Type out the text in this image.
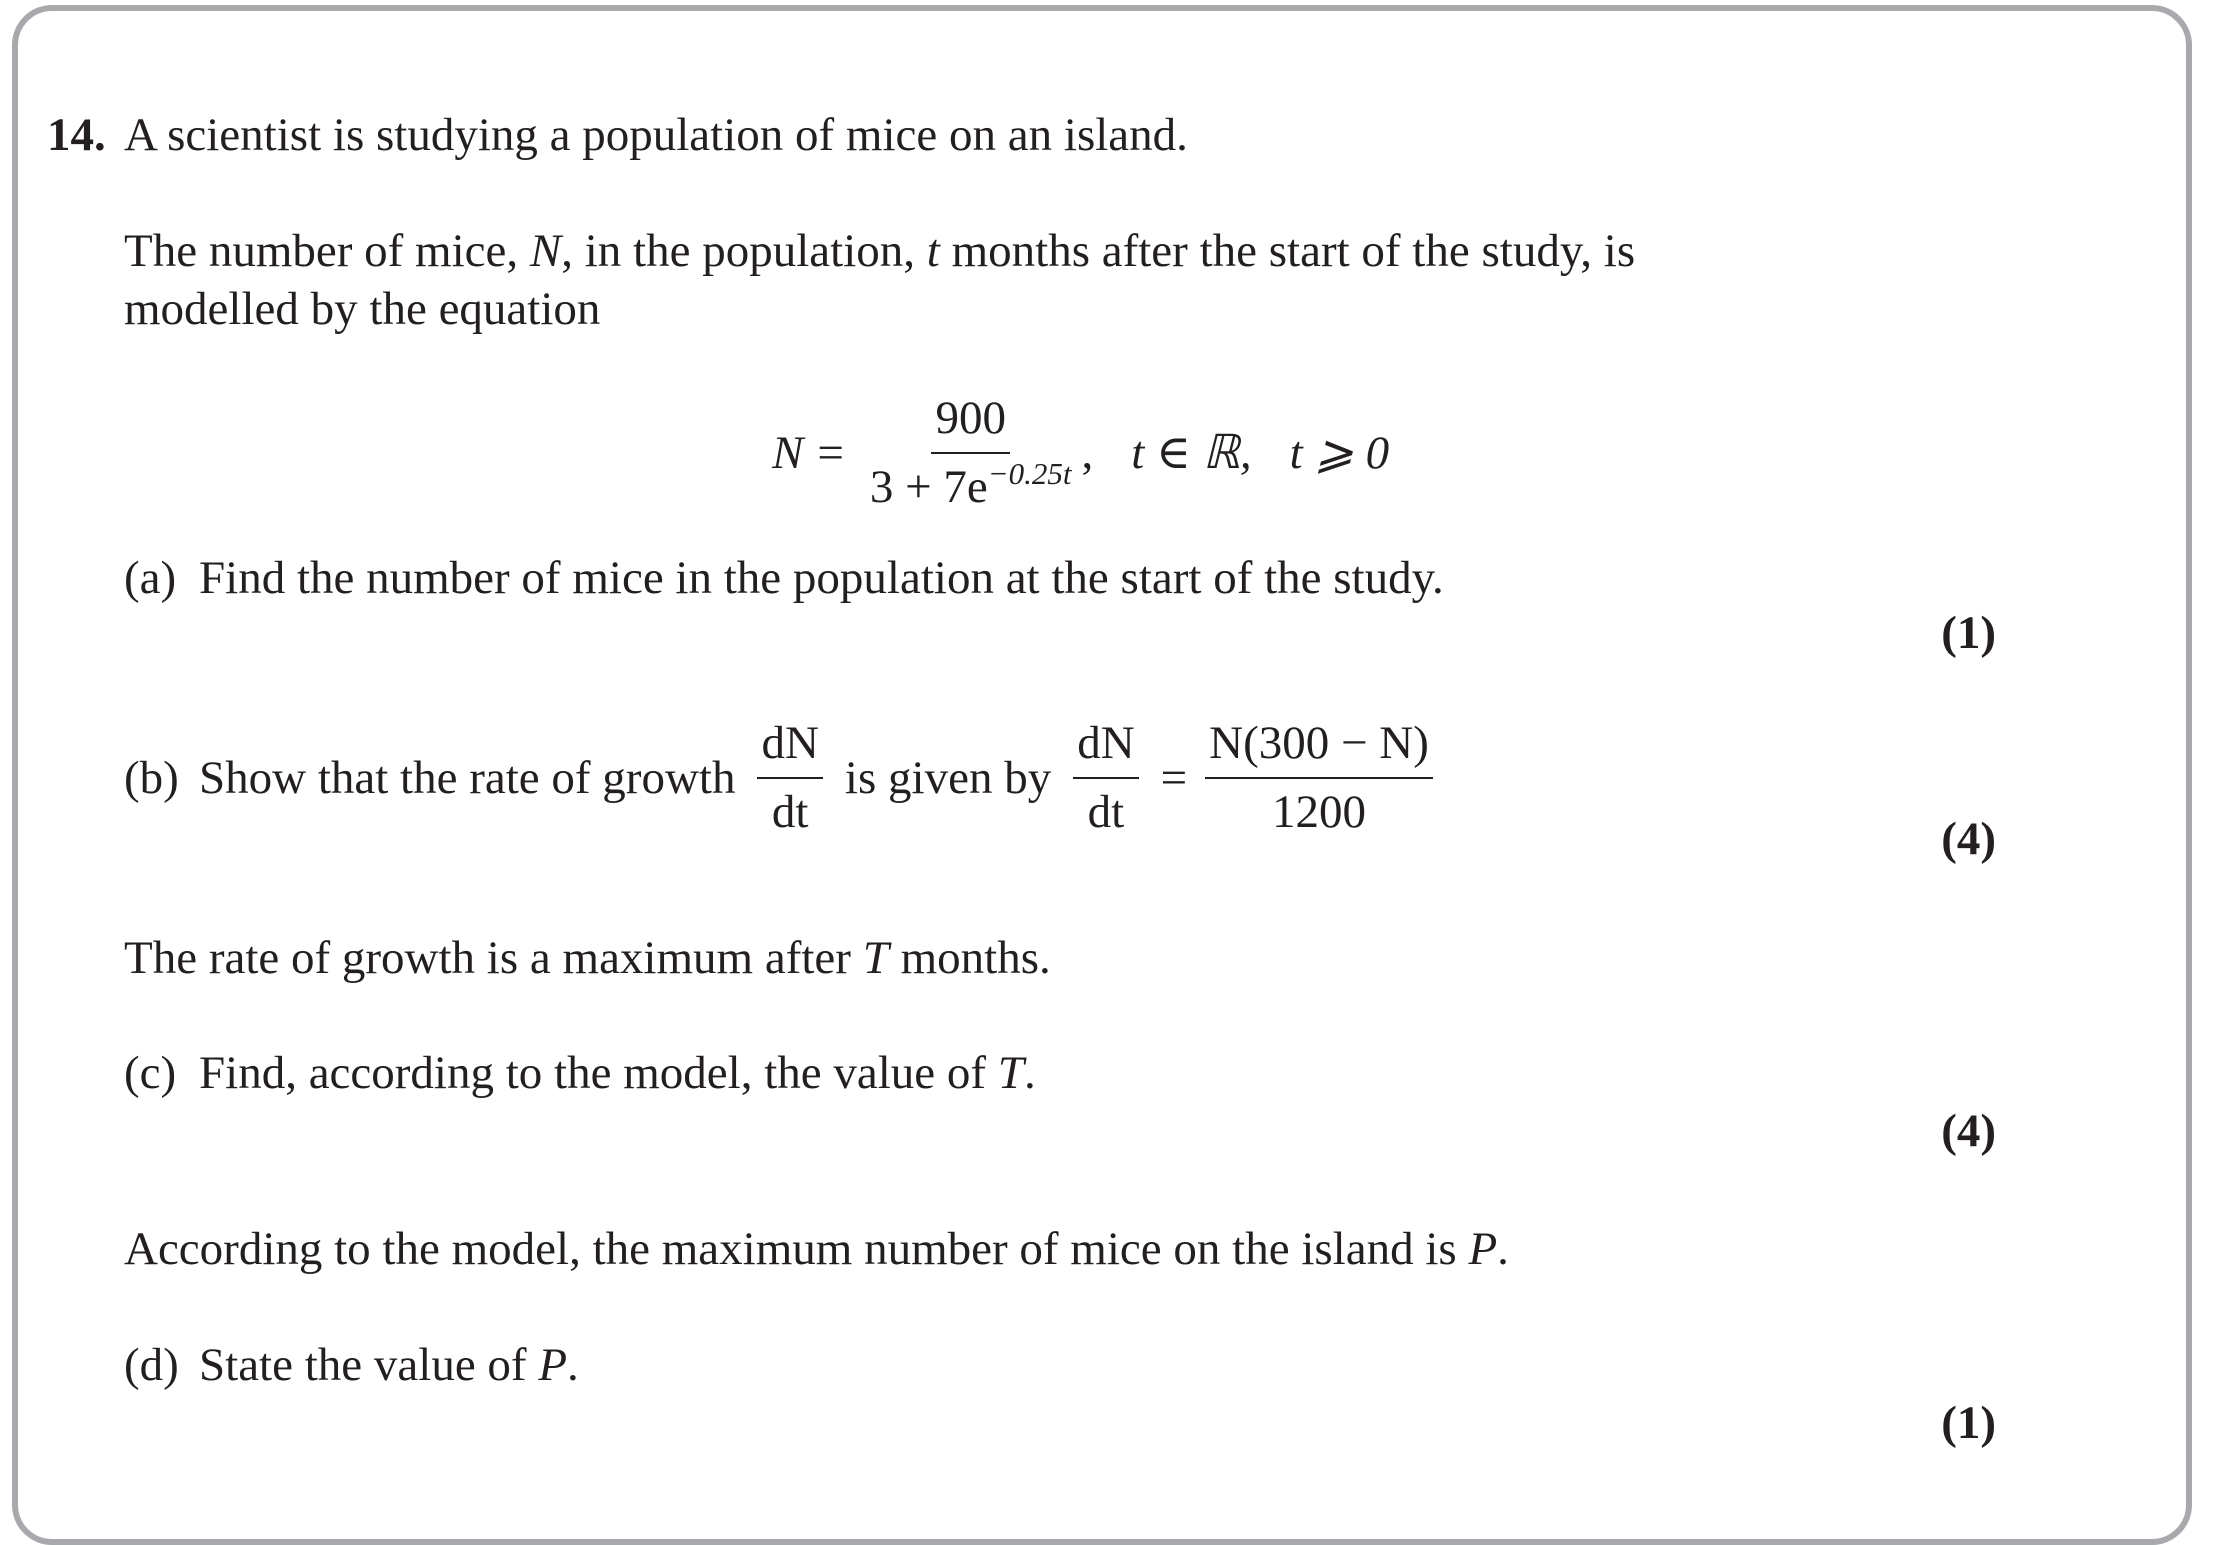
14. A scientist is studying a population of mice on an island.
The number of mice, N, in the population, t months after the start of the study, is
modelled by the equation
$N = \frac{900}{3 + 7e^{-0.25t}}$ , t ∈ ℝ, t ⩾ 0
(a) Find the number of mice in the population at the start of the study.
(1)
(b) Show that the rate of growth $\frac{dN}{dt}$ is given by $\frac{dN}{dt} = \frac{N(300 - N)}{1200}$
(4)
The rate of growth is a maximum after T months.
(c) Find, according to the model, the value of T.
(4)
According to the model, the maximum number of mice on the island is P.
(d) State the value of P.
(1)
